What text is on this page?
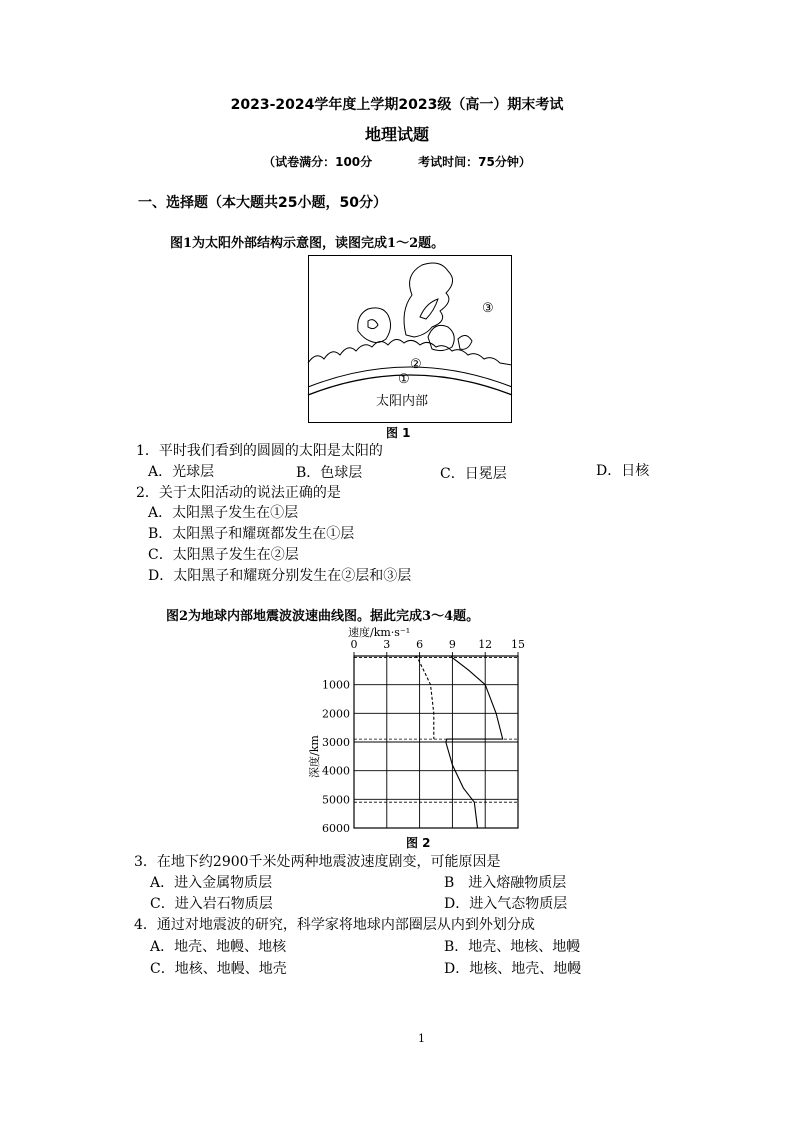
2023-2024学年度上学期2023级（高一）期末考试
地理试题
（试卷满分：100分	考试时间：75分钟）
一、选择题（本大题共25小题，50分）
图1为太阳外部结构示意图，读图完成1～2题。
③
②
①
太阳内部
图 1
1．平时我们看到的圆圆的太阳是太阳的
A．光球层	B．色球层	C．日冕层	D．日核
2．关于太阳活动的说法正确的是
A．太阳黑子发生在①层
B．太阳黑子和耀斑都发生在①层
C．太阳黑子发生在②层
D．太阳黑子和耀斑分别发生在②层和③层
图2为地球内部地震波波速曲线图。据此完成3～4题。
速度/km·s⁻¹
0 3 6 9 12 15
1000
2000
3000
4000
5000
6000
深度/km
图 2
3．在地下约2900千米处两种地震波速度剧变，可能原因是
A．进入金属物质层	B　进入熔融物质层
C．进入岩石物质层	D．进入气态物质层
4．通过对地震波的研究，科学家将地球内部圈层从内到外划分成
A．地壳、地幔、地核	B．地壳、地核、地幔
C．地核、地幔、地壳	D．地核、地壳、地幔
1
